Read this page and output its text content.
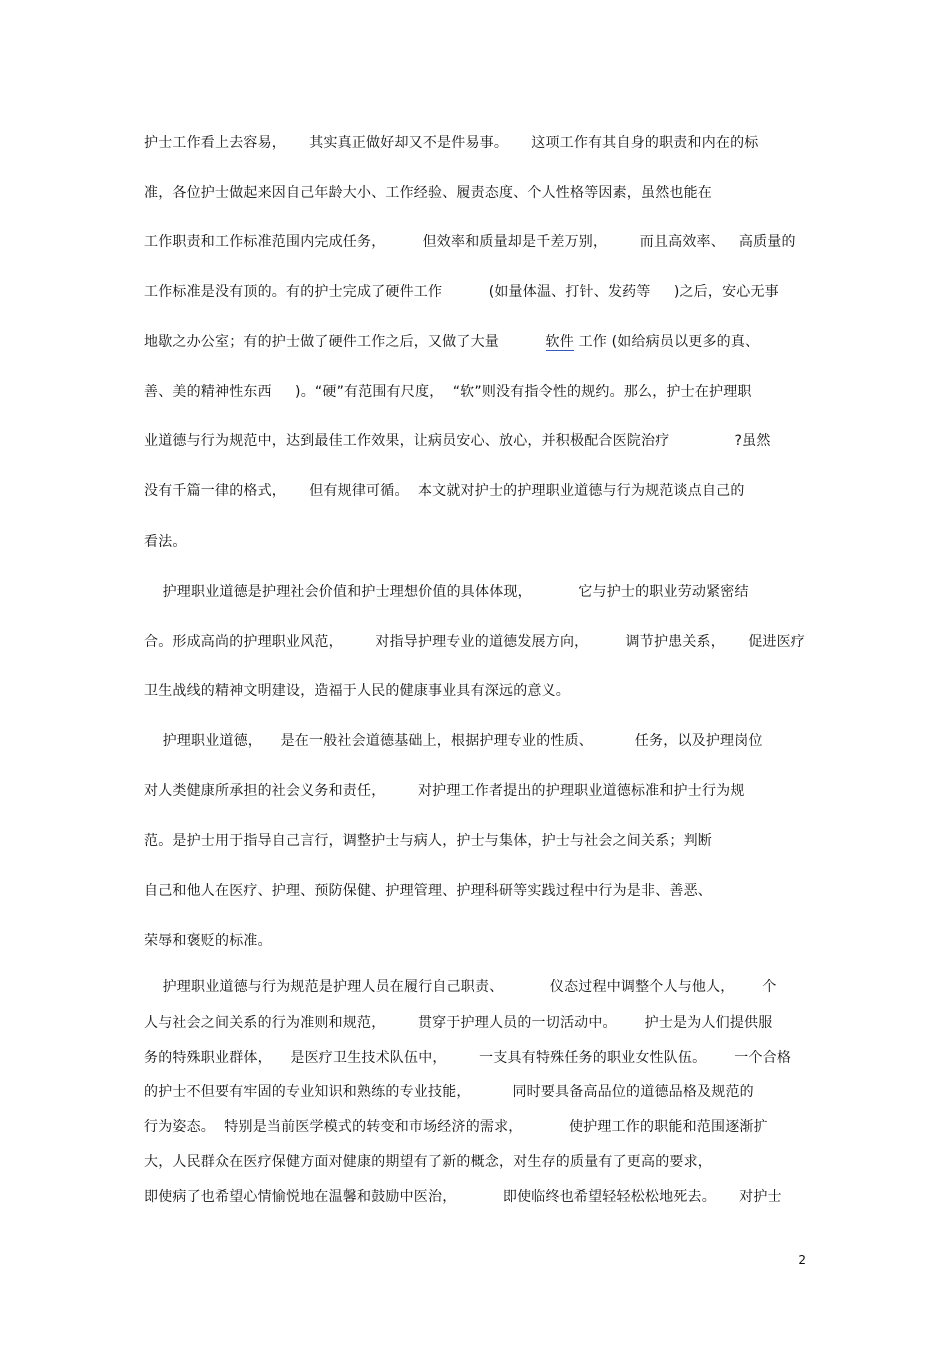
护士工作看上去容易，     其实真正做好却又不是件易事。     这项工作有其自身的职责和内在的标
准，各位护士做起来因自己年龄大小、工作经验、履责态度、个人性格等因素，虽然也能在
工作职责和工作标准范围内完成任务，        但效率和质量却是千差万别，       而且高效率、   高质量的
工作标准是没有顶的。有的护士完成了硬件工作          (如量体温、打针、发药等     )之后，安心无事
地歇之办公室；有的护士做了硬件工作之后，又做了大量          软件 工作 (如给病员以更多的真、
善、美的精神性东西     )。“硬”有范围有尺度，  “软”则没有指令性的规约。那么，护士在护理职
业道德与行为规范中，达到最佳工作效果，让病员安心、放心，并积极配合医院治疗              ?虽然
没有千篇一律的格式，     但有规律可循。  本文就对护士的护理职业道德与行为规范谈点自己的
看法。
护理职业道德是护理社会价值和护士理想价值的具体体现，          它与护士的职业劳动紧密结
合。形成高尚的护理职业风范，       对指导护理专业的道德发展方向，        调节护患关系，     促进医疗
卫生战线的精神文明建设，造福于人民的健康事业具有深远的意义。
护理职业道德，    是在一般社会道德基础上，根据护理专业的性质、         任务，以及护理岗位
对人类健康所承担的社会义务和责任，       对护理工作者提出的护理职业道德标准和护士行为规
范。是护士用于指导自己言行，调整护士与病人，护士与集体，护士与社会之间关系；判断
自己和他人在医疗、护理、预防保健、护理管理、护理科研等实践过程中行为是非、善恶、
荣辱和褒贬的标准。
护理职业道德与行为规范是护理人员在履行自己职责、          仪态过程中调整个人与他人，      个
人与社会之间关系的行为准则和规范，       贯穿于护理人员的一切活动中。      护士是为人们提供服
务的特殊职业群体，    是医疗卫生技术队伍中，       一支具有特殊任务的职业女性队伍。      一个合格
的护士不但要有牢固的专业知识和熟练的专业技能，         同时要具备高品位的道德品格及规范的
行为姿态。  特别是当前医学模式的转变和市场经济的需求，          使护理工作的职能和范围逐渐扩
大，人民群众在医疗保健方面对健康的期望有了新的概念，对生存的质量有了更高的要求，
即使病了也希望心情愉悦地在温馨和鼓励中医治，          即使临终也希望轻轻松松地死去。     对护士
2
